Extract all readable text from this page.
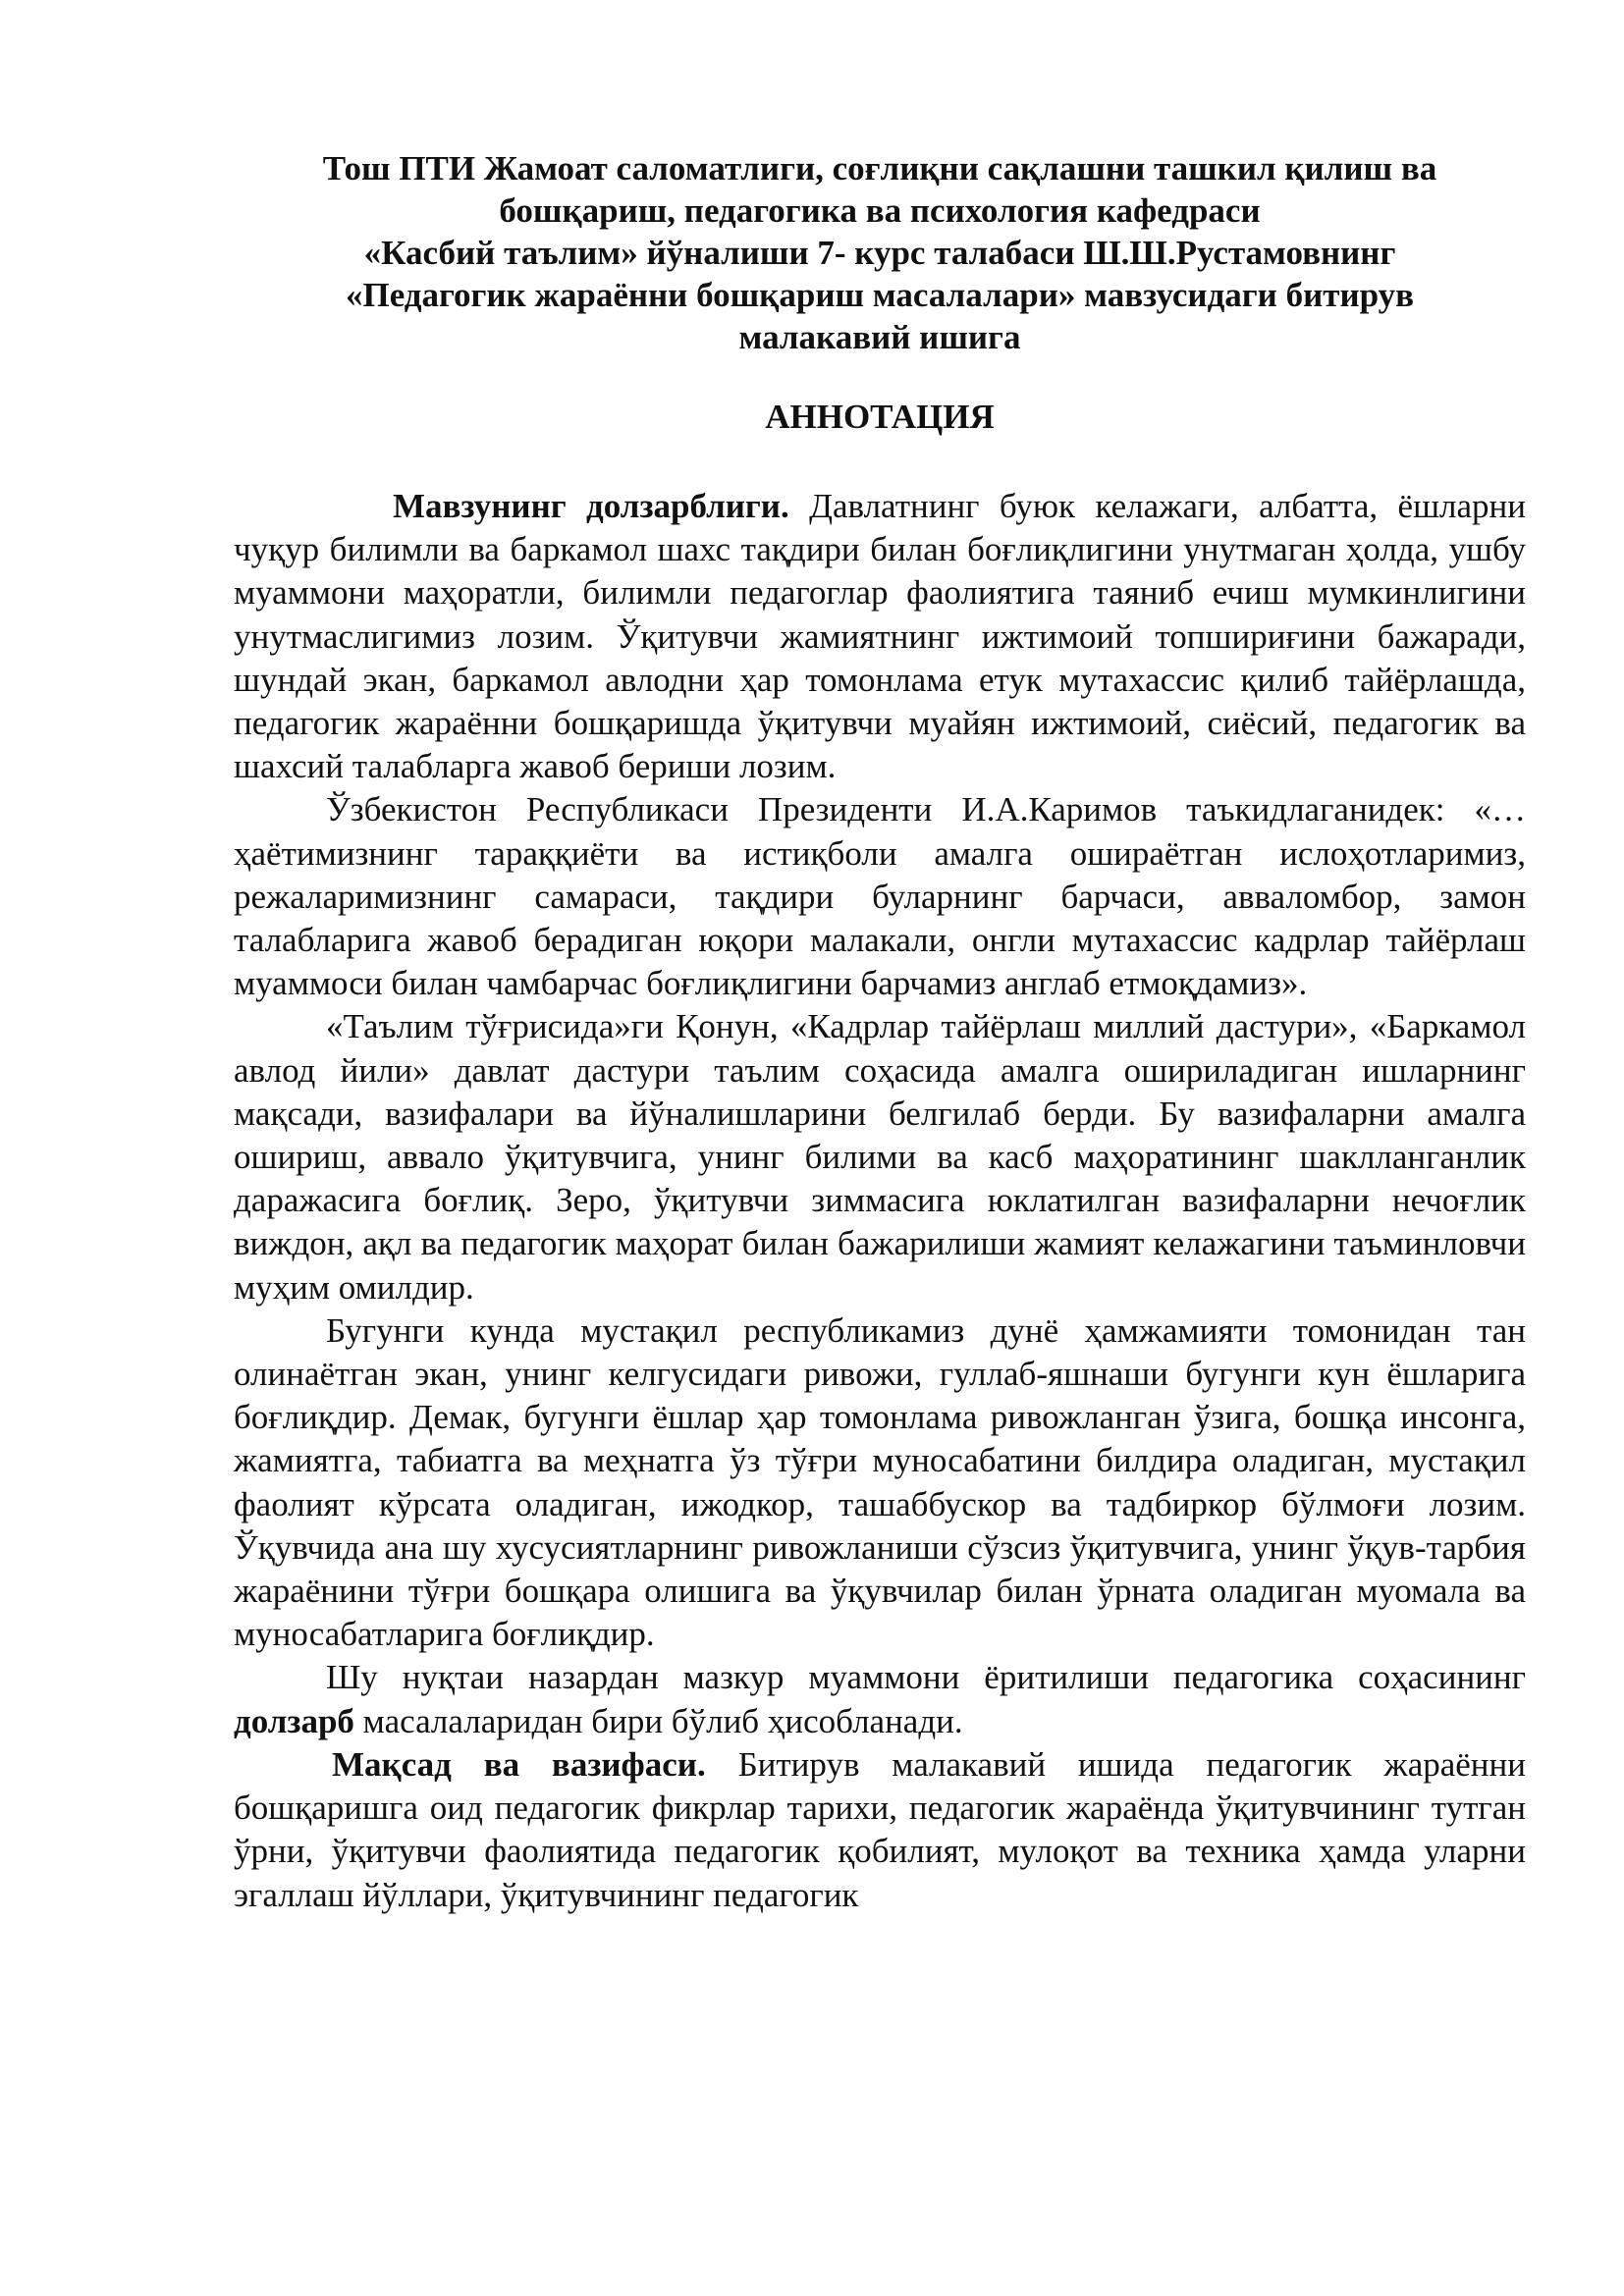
Тош ПТИ Жамоат саломатлиги, соғлиқни сақлашни ташкил қилиш ва
бошқариш, педагогика ва психология кафедраси
«Касбий таълим» йўналиши 7- курс талабаси Ш.Ш.Рустамовнинг
«Педагогик жараённи бошқариш масалалари» мавзусидаги битирув
малакавий ишига
АННОТАЦИЯ

Мавзунинг долзарблиги. Давлатнинг буюк келажаги, албатта, ёшларни чуқур билимли ва баркамол шахс тақдири билан боғлиқлигини унутмаган ҳолда, ушбу муаммони маҳоратли, билимли педагоглар фаолиятига таяниб ечиш мумкинлигини унутмаслигимиз лозим. Ўқитувчи жамиятнинг ижтимоий топшириғини бажаради, шундай экан, баркамол авлодни ҳар томонлама етук мутахассис қилиб тайёрлашда, педагогик жараённи бошқаришда ўқитувчи муайян ижтимоий, сиёсий, педагогик ва шахсий талабларга жавоб бериши лозим.

Ўзбекистон Республикаси Президенти И.А.Каримов таъкидлаганидек: «…ҳаётимизнинг тараққиёти ва истиқболи амалга ошираётган ислоҳотларимиз, режаларимизнинг самараси, тақдири буларнинг барчаси, авваломбор, замон талабларига жавоб берадиган юқори малакали, онгли мутахассис кадрлар тайёрлаш муаммоси билан чамбарчас боғлиқлигини барчамиз англаб етмоқдамиз».

«Таълим тўғрисида»ги Қонун, «Кадрлар тайёрлаш миллий дастури», «Баркамол авлод йили» давлат дастури таълим соҳасида амалга ошириладиган ишларнинг мақсади, вазифалари ва йўналишларини белгилаб берди. Бу вазифаларни амалга ошириш, аввало ўқитувчига, унинг билими ва касб маҳоратининг шаклланганлик даражасига боғлиқ. Зеро, ўқитувчи зиммасига юклатилган вазифаларни нечоғлик виждон, ақл ва педагогик маҳорат билан бажарилиши жамият келажагини таъминловчи муҳим омилдир.

Бугунги кунда мустақил республикамиз дунё ҳамжамияти томонидан тан олинаётган экан, унинг келгусидаги ривожи, гуллаб-яшнаши бугунги кун ёшларига боғлиқдир. Демак, бугунги ёшлар ҳар томонлама ривожланган ўзига, бошқа инсонга, жамиятга, табиатга ва меҳнатга ўз тўғри муносабатини билдира оладиган, мустақил фаолият кўрсата оладиган, ижодкор, ташаббускор ва тадбиркор бўлмоғи лозим. Ўқувчида ана шу хусусиятларнинг ривожланиши сўзсиз ўқитувчига, унинг ўқув-тарбия жараёнини тўғри бошқара олишига ва ўқувчилар билан ўрната оладиган муомала ва муносабатларига боғлиқдир.

Шу нуқтаи назардан мазкур муаммони ёритилиши педагогика соҳасининг долзарб масалаларидан бири бўлиб ҳисобланади.

Мақсад ва вазифаси. Битирув малакавий ишида педагогик жараённи бошқаришга оид педагогик фикрлар тарихи, педагогик жараёнда ўқитувчининг тутган ўрни, ўқитувчи фаолиятида педагогик қобилият, мулоқот ва техника ҳамда уларни эгаллаш йўллари, ўқитувчининг педагогик
